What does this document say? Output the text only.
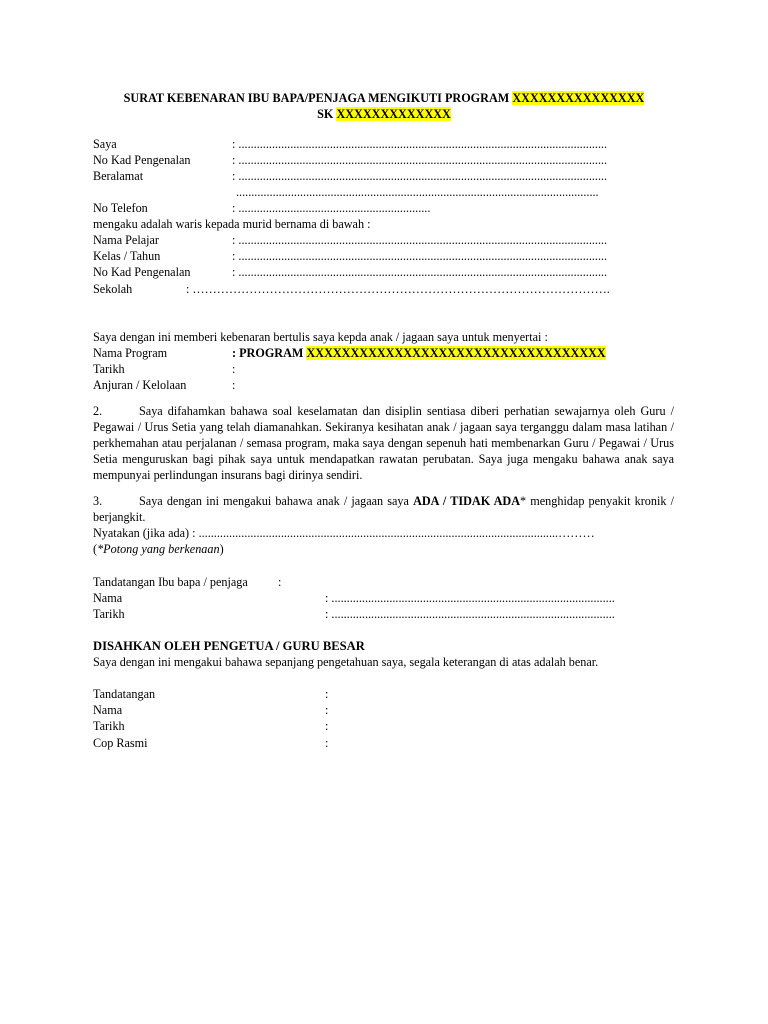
SURAT KEBENARAN IBU BAPA/PENJAGA MENGIKUTI PROGRAM XXXXXXXXXXXXXXX
SK XXXXXXXXXXXXX
Saya	: .........................................................................................................................
No Kad Pengenalan	: .........................................................................................................................
Beralamat	: .........................................................................................................................
.......................................................................................................................
No Telefon	: ...............................................................
mengaku adalah waris kepada murid bernama di bawah :
Nama Pelajar	: .........................................................................................................................
Kelas / Tahun	: .........................................................................................................................
No Kad Pengenalan	: .........................................................................................................................
Sekolah	: ………………………………………………………………………………………….
Saya dengan ini memberi kebenaran bertulis saya kepda anak / jagaan saya untuk menyertai :
Nama Program	: PROGRAM XXXXXXXXXXXXXXXXXXXXXXXXXXXXXXXXXX
Tarikh	:
Anjuran / Kelolaan	:
2.	Saya difahamkan bahawa soal keselamatan dan disiplin sentiasa diberi perhatian sewajarnya oleh Guru / Pegawai / Urus Setia yang telah diamanahkan. Sekiranya kesihatan anak / jagaan saya terganggu dalam masa latihan / perkhemahan atau perjalanan / semasa program, maka saya dengan sepenuh hati membenarkan Guru / Pegawai / Urus Setia menguruskan bagi pihak saya untuk mendapatkan rawatan perubatan. Saya juga mengaku bahawa anak saya mempunyai perlindungan insurans bagi dirinya sendiri.
3.	Saya dengan ini mengakui bahawa anak / jagaan saya ADA / TIDAK ADA* menghidap penyakit kronik / berjangkit.
Nyatakan (jika ada) : ......................................................................................................................………
(*Potong yang berkenaan)
Tandatangan Ibu bapa / penjaga :
Nama	: .............................................................................................
Tarikh	: .............................................................................................
DISAHKAN OLEH PENGETUA / GURU BESAR
Saya dengan ini mengakui bahawa sepanjang pengetahuan saya, segala keterangan di atas adalah benar.
Tandatangan	:
Nama	:
Tarikh	:
Cop Rasmi	:
